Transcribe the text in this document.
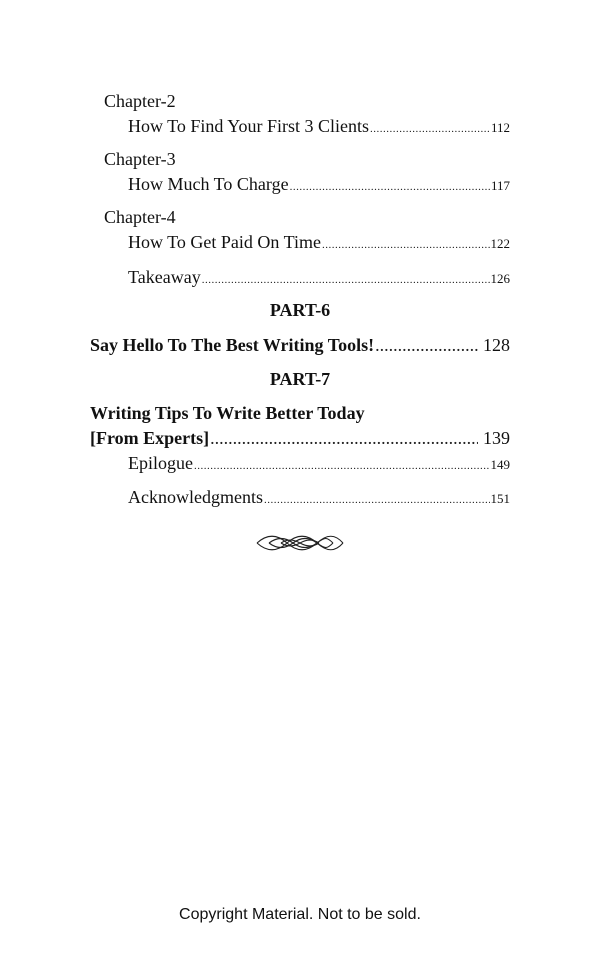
Chapter-2
How To Find Your First 3 Clients .....	112
Chapter-3
How Much To Charge .....	117
Chapter-4
How To Get Paid On Time .....	122
Takeaway .....	126
PART-6
Say Hello To The Best Writing Tools! .....	128
PART-7
Writing Tips To Write Better Today
[From Experts] .....	139
Epilogue .....	149
Acknowledgments .....	151
Copyright Material. Not to be sold.
